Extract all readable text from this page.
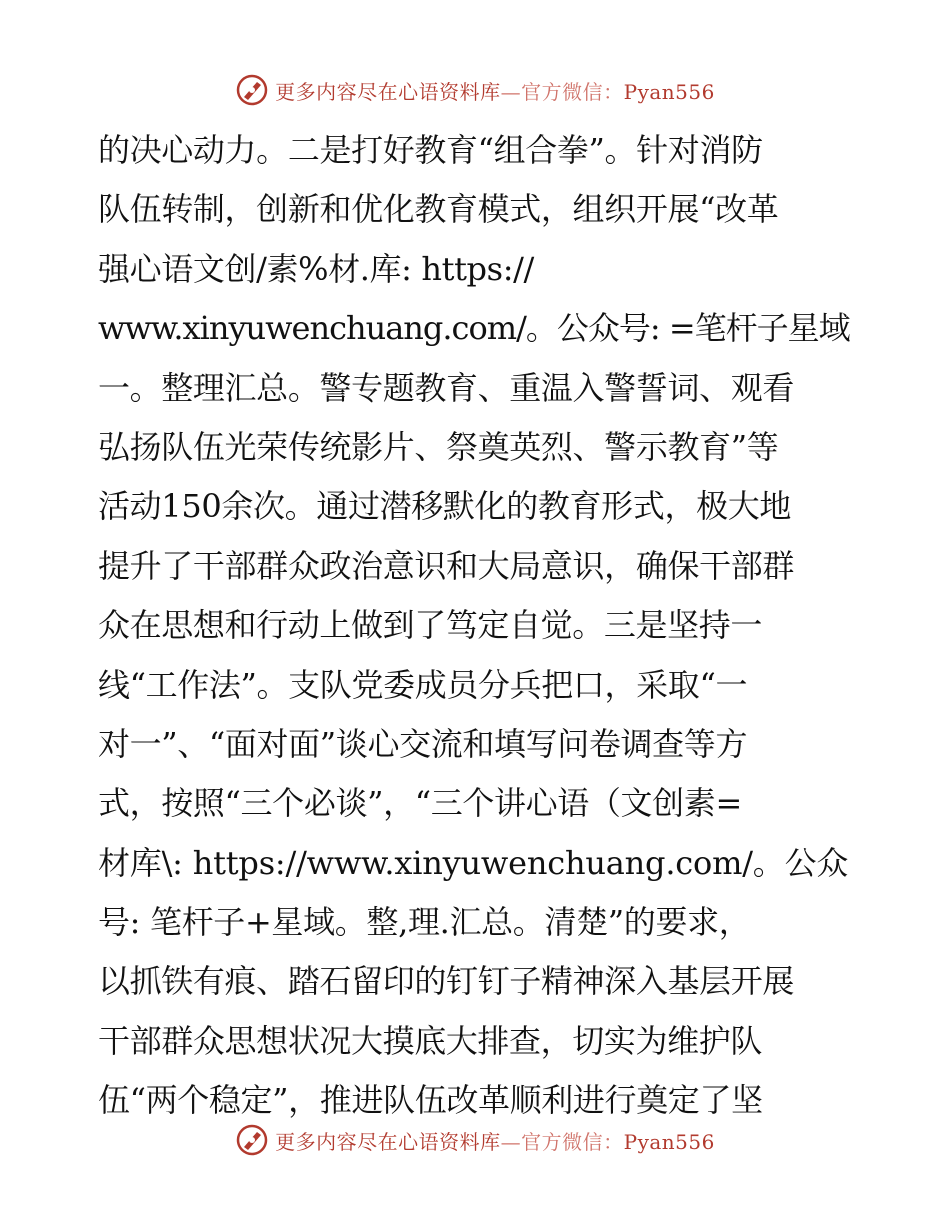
更多内容尽在心语资料库—官方微信：Pyan556
的决心动力。二是打好教育“组合拳”。针对消防
队伍转制，创新和优化教育模式，组织开展“改革
强心语文创/素%材.库: https://
www.xinyuwenchuang.com/。公众号: =笔杆子星域
一。整理汇总。警专题教育、重温入警誓词、观看
弘扬队伍光荣传统影片、祭奠英烈、警示教育”等
活动150余次。通过潜移默化的教育形式，极大地
提升了干部群众政治意识和大局意识，确保干部群
众在思想和行动上做到了笃定自觉。三是坚持一
线“工作法”。支队党委成员分兵把口，采取“一
对一”、“面对面”谈心交流和填写问卷调查等方
式，按照“三个必谈”，“三个讲心语（文创素=
材库\: https://www.xinyuwenchuang.com/。公众
号: 笔杆子+星域。整,理.汇总。清楚”的要求，
以抓铁有痕、踏石留印的钉钉子精神深入基层开展
干部群众思想状况大摸底大排查，切实为维护队
伍“两个稳定”，推进队伍改革顺利进行奠定了坚
更多内容尽在心语资料库—官方微信：Pyan556
